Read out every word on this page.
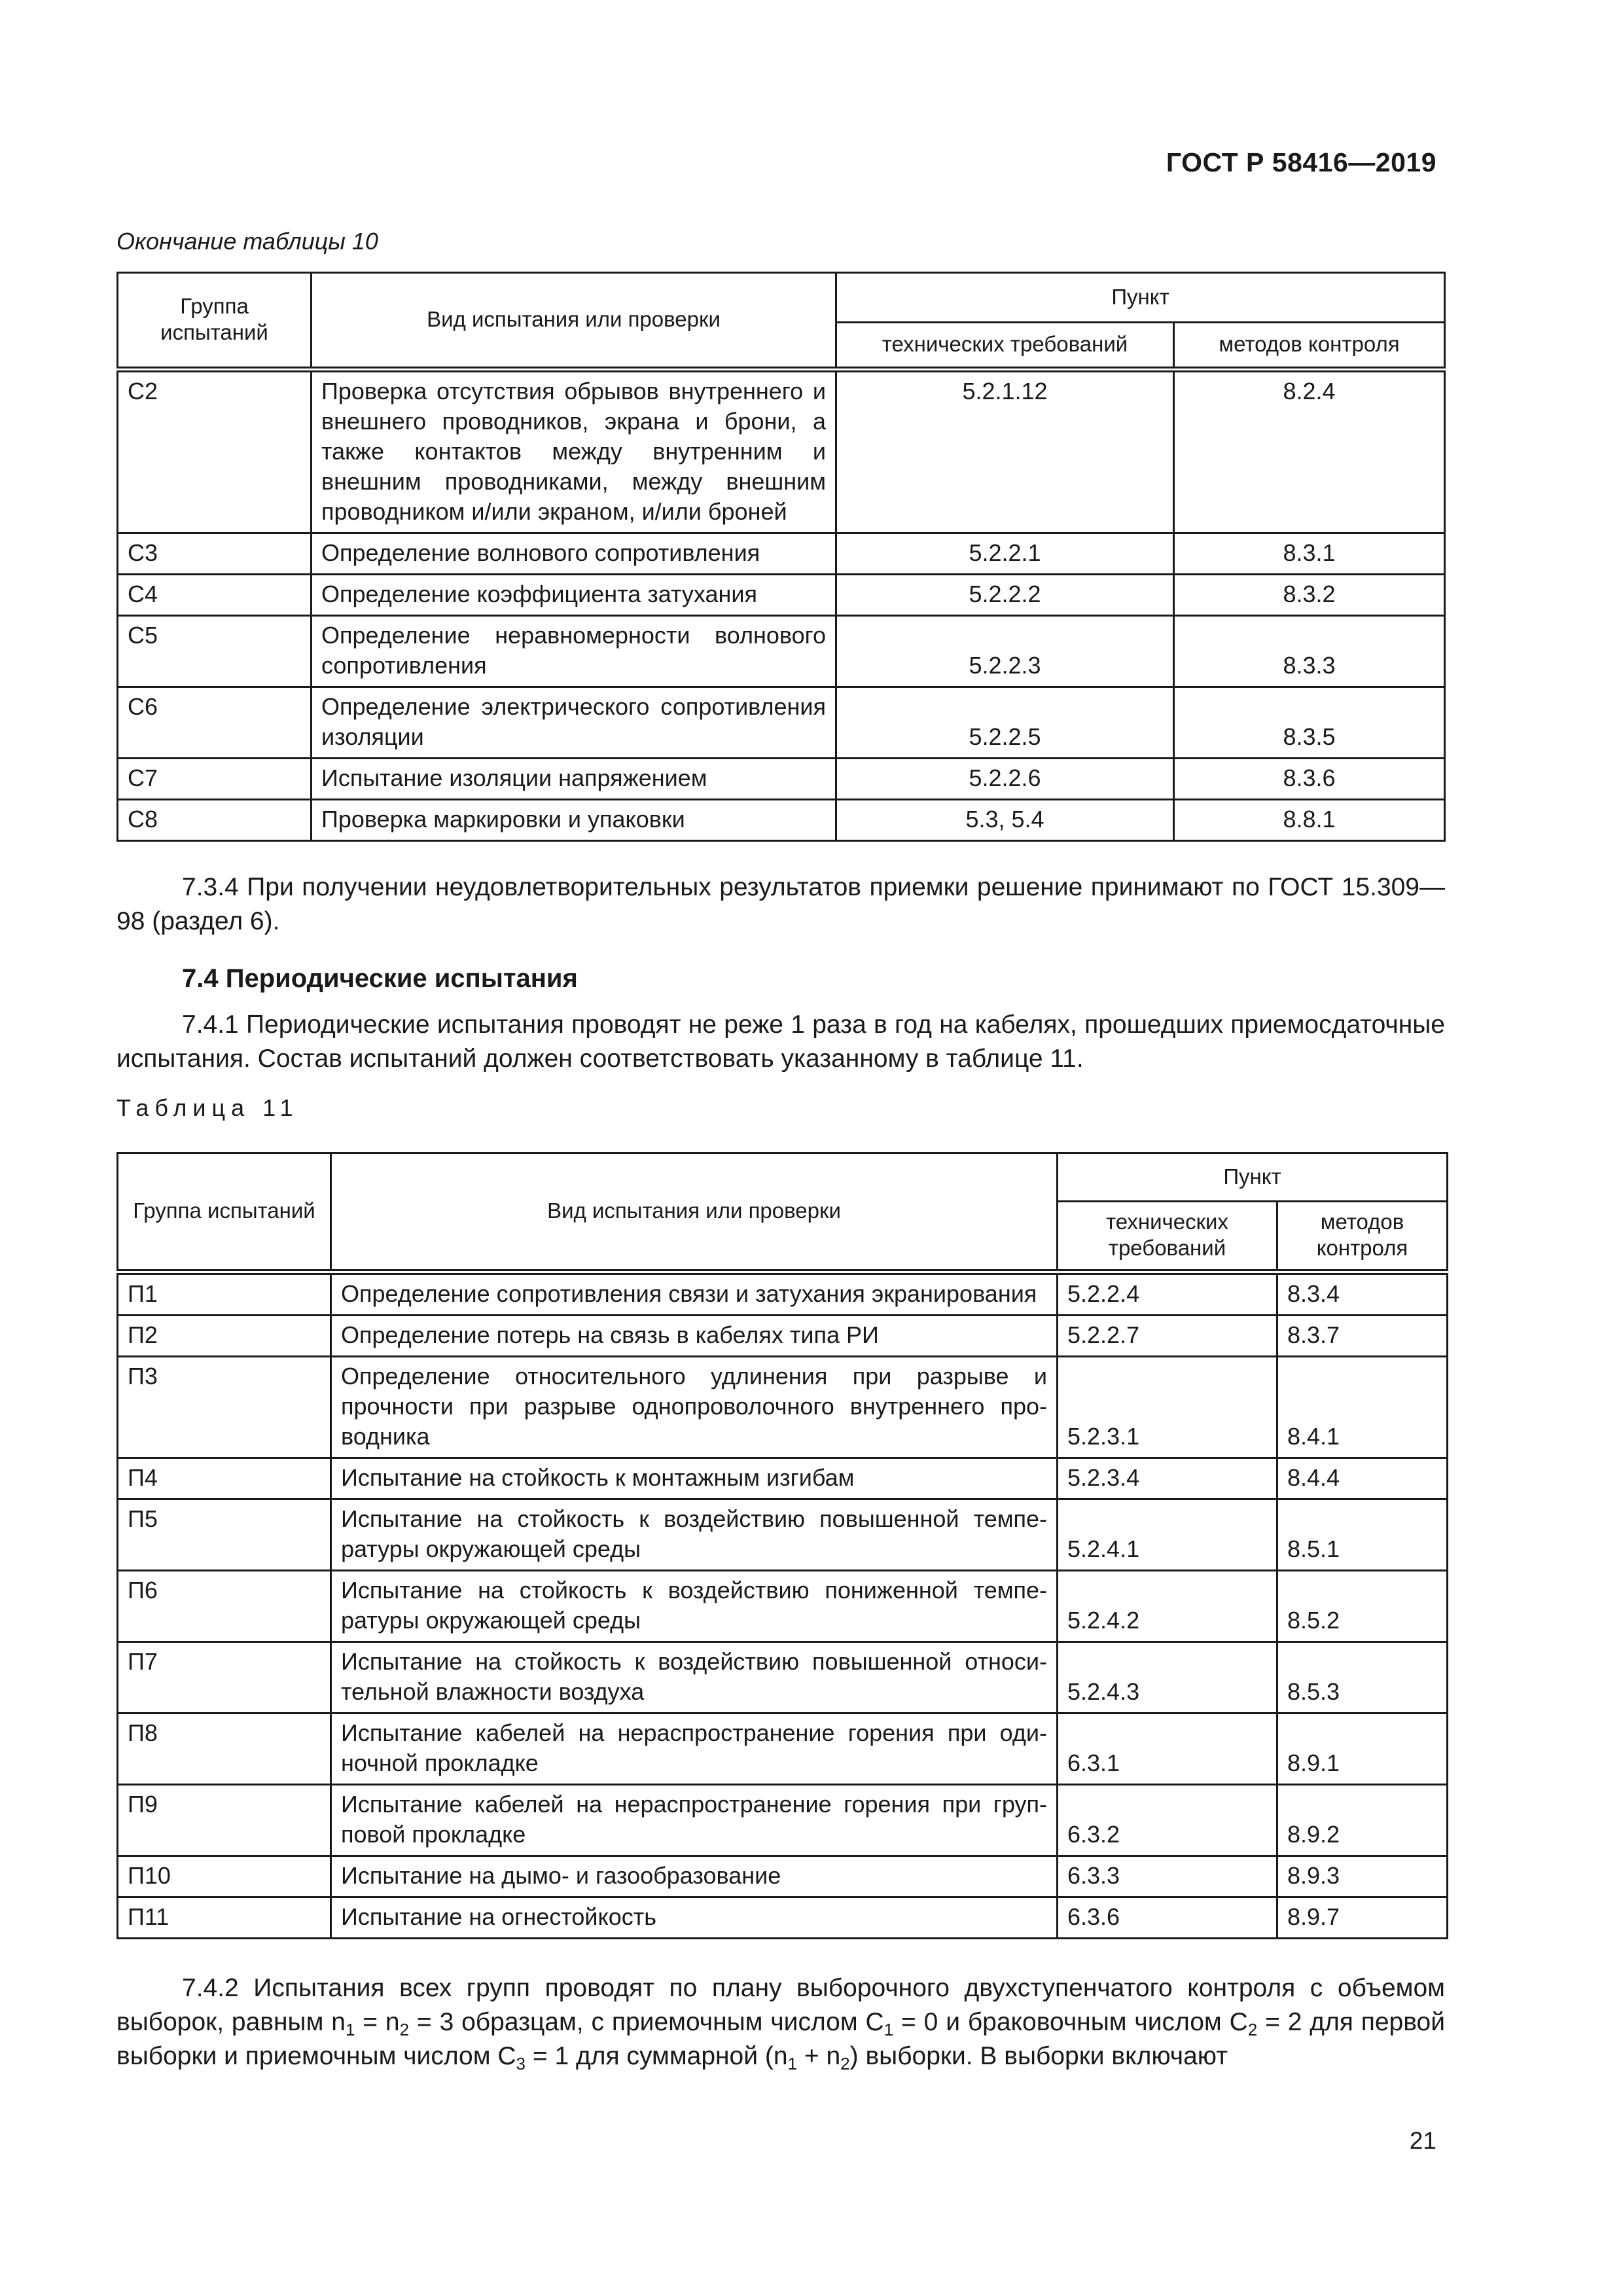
ГОСТ Р 58416—2019
Окончание таблицы 10
Группа испытаний	Вид испытания или проверки	Пункт	
		технических требований	методов контроля
С2	Проверка отсутствия обрывов внутреннего и внешнего проводников, экрана и брони, а также контактов между внутренним и внешним проводниками, между внешним проводником и/или экраном, и/или броней	5.2.1.12	8.2.4
С3	Определение волнового сопротивления	5.2.2.1	8.3.1
С4	Определение коэффициента затухания	5.2.2.2	8.3.2
С5	Определение неравномерности волнового сопротивления	5.2.2.3	8.3.3
С6	Определение электрического сопротивления изоляции	5.2.2.5	8.3.5
С7	Испытание изоляции напряжением	5.2.2.6	8.3.6
С8	Проверка маркировки и упаковки	5.3, 5.4	8.8.1

7.3.4 При получении неудовлетворительных результатов приемки решение принимают по ГОСТ 15.309—98 (раздел 6).

7.4 Периодические испытания

7.4.1 Периодические испытания проводят не реже 1 раза в год на кабелях, прошедших приемосдаточные испытания. Состав испытаний должен соответствовать указанному в таблице 11.

Таблица 11
Группа испытаний	Вид испытания или проверки	Пункт	
		технических требований	методов контроля
П1	Определение сопротивления связи и затухания экранирования	5.2.2.4	8.3.4
П2	Определение потерь на связь в кабелях типа РИ	5.2.2.7	8.3.7
П3	Определение относительного удлинения при разрыве и прочности при разрыве однопроволочного внутреннего проводника	5.2.3.1	8.4.1
П4	Испытание на стойкость к монтажным изгибам	5.2.3.4	8.4.4
П5	Испытание на стойкость к воздействию повышенной температуры окружающей среды	5.2.4.1	8.5.1
П6	Испытание на стойкость к воздействию пониженной температуры окружающей среды	5.2.4.2	8.5.2
П7	Испытание на стойкость к воздействию повышенной относительной влажности воздуха	5.2.4.3	8.5.3
П8	Испытание кабелей на нераспространение горения при одиночной прокладке	6.3.1	8.9.1
П9	Испытание кабелей на нераспространение горения при групповой прокладке	6.3.2	8.9.2
П10	Испытание на дымо- и газообразование	6.3.3	8.9.3
П11	Испытание на огнестойкость	6.3.6	8.9.7

7.4.2 Испытания всех групп проводят по плану выборочного двухступенчатого контроля с объемом выборок, равным $n_1 = n_2 = 3$ образцам, с приемочным числом $C_1 = 0$ и браковочным числом $C_2 = 2$ для первой выборки и приемочным числом $C_3 = 1$ для суммарной $(n_1 + n_2)$ выборки. В выборки включают

21
